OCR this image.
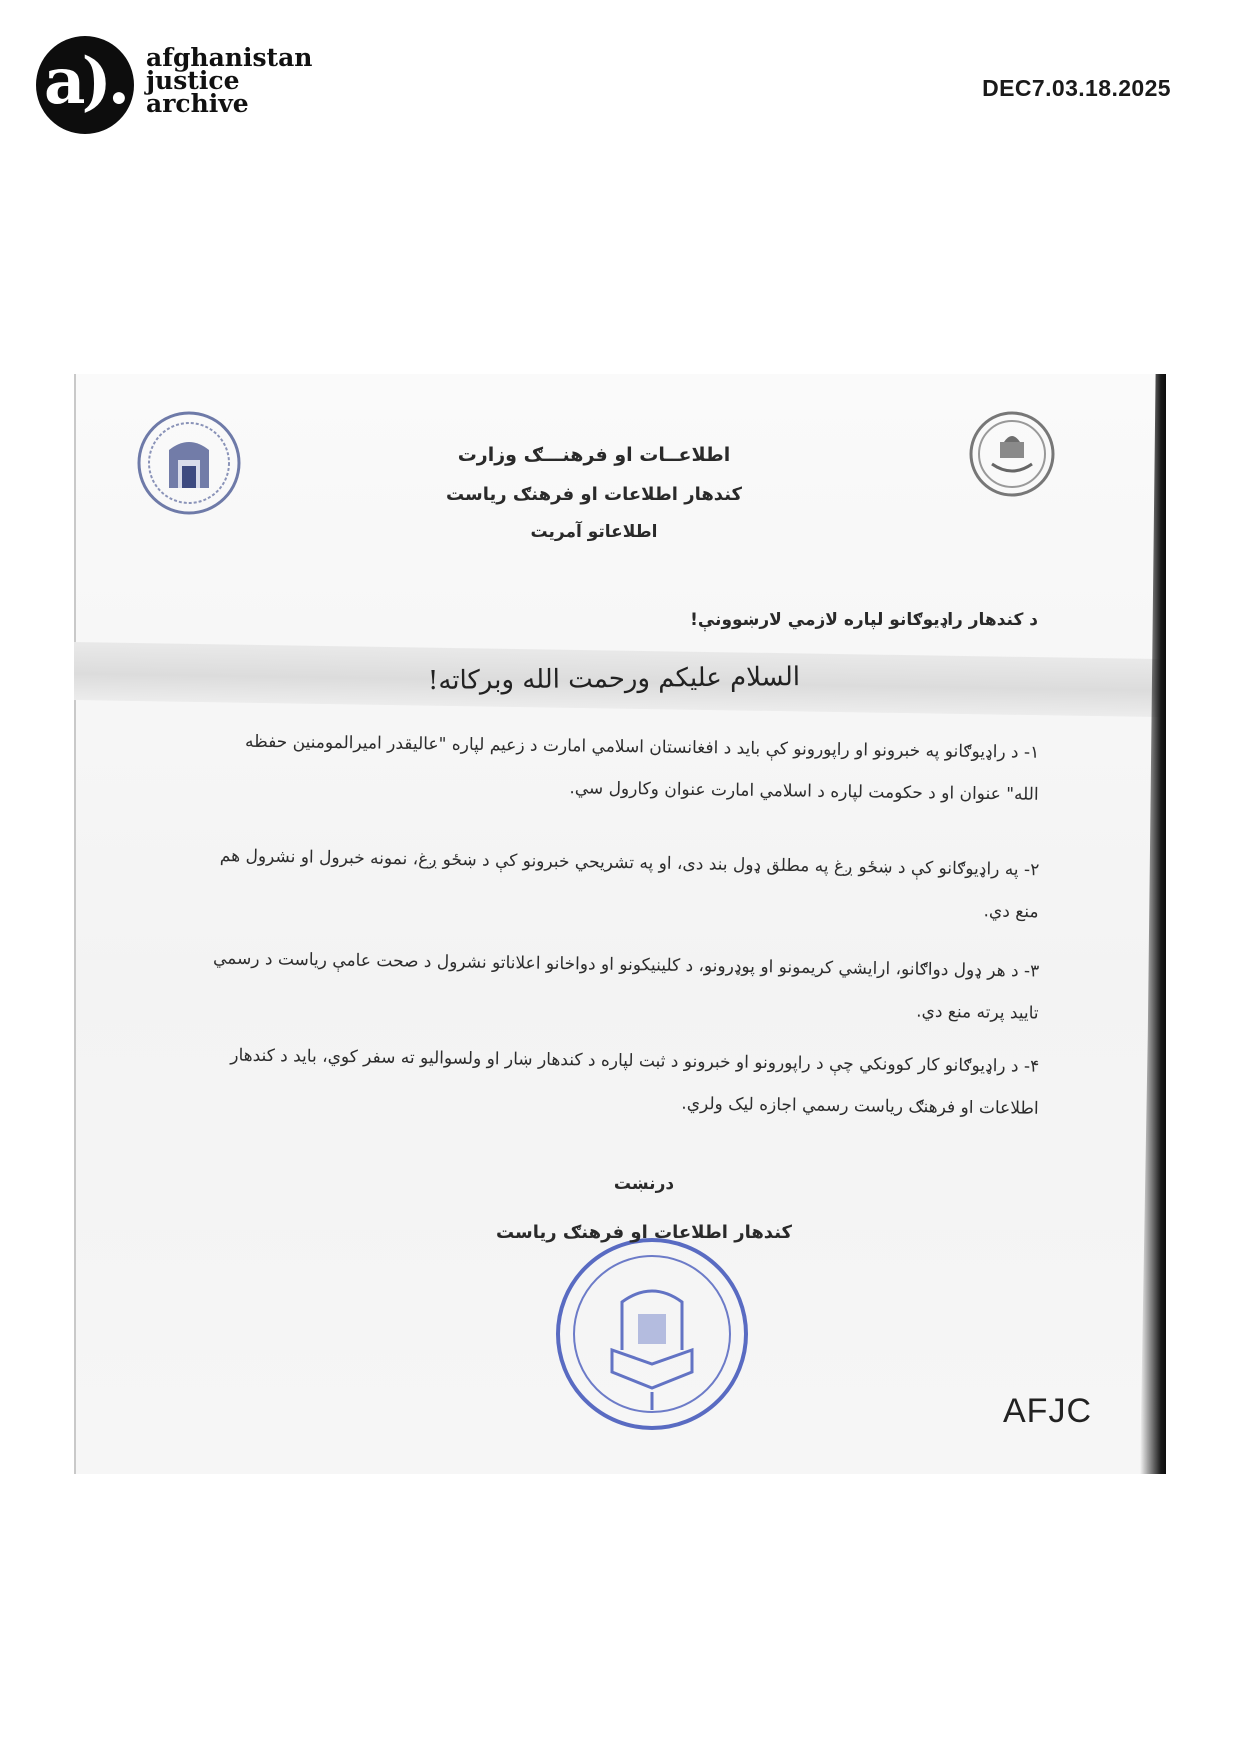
a). afghanistan
justice
archive
DEC7.03.18.2025
اطلاعــات او فرهنـــګ وزارت
کندهار اطلاعات او فرهنګ ریاست
اطلاعاتو آمریت
د کندهار راډیوګانو لپاره لازمي لارښوونې!
السلام علیکم ورحمت الله وبرکاته!
۱- د راډیوګانو په خبرونو او راپورونو کې باید د افغانستان اسلامي امارت د زعیم لپاره "عالیقدر امیرالمومنین حفظه الله" عنوان او د حکومت لپاره د اسلامي امارت عنوان وکارول سي.
۲- په راډیوګانو کې د ښځو ږغ په مطلق ډول بند دی، او په تشریحي خبرونو کې د ښځو ږغ، نمونه خبرول او نشرول هم منع دي.
۳- د هر ډول دواګانو، ارایشي کریمونو او پوډرونو، د کلینیکونو او دواخانو اعلاناتو نشرول د صحت عامې ریاست د رسمي تایید پرته منع دي.
۴- د راډیوګانو کار کوونکي چې د راپورونو او خبرونو د ثبت لپاره د کندهار ښار او ولسوالیو ته سفر کوي، باید د کندهار اطلاعات او فرهنګ ریاست رسمي اجازه لیک ولري.
درنښت
کندهار اطلاعات او فرهنګ ریاست
AFJC
